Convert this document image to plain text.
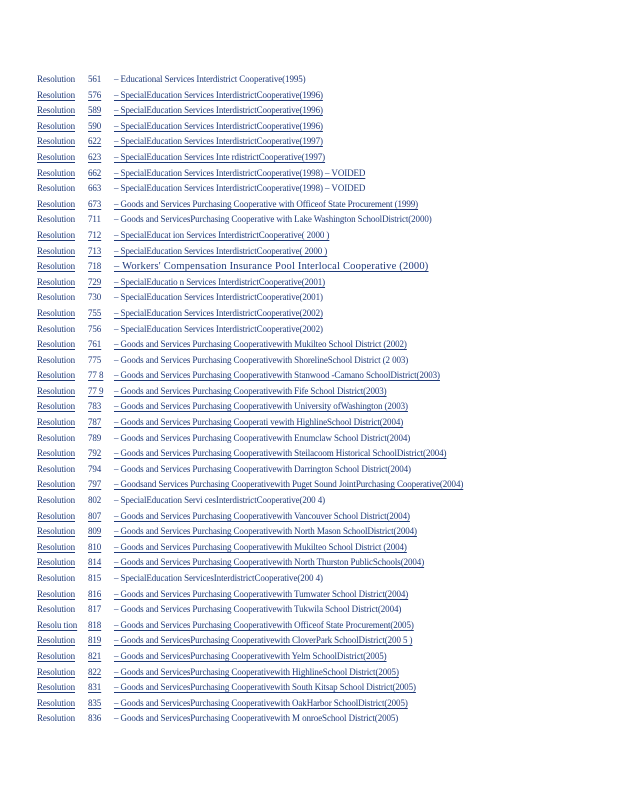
Resolution 561 – Educational Services Interdistrict Cooperative(1995)
Resolution 576 – SpecialEducation Services InterdistrictCooperative(1996)
Resolution 589 – SpecialEducation Services InterdistrictCooperative(1996)
Resolution 590 – SpecialEducation Services InterdistrictCooperative(1996)
Resolution 622 – SpecialEducation Services InterdistrictCooperative(1997)
Resolution 623 – SpecialEducation Services Inte rdistrictCooperative(1997)
Resolution 662 – SpecialEducation Services InterdistrictCooperative(1998) – VOIDED
Resolution 663 – SpecialEducation Services InterdistrictCooperative(1998) – VOIDED
Resolution 673 – Goods and Services Purchasing Cooperative with Officeof State Procurement (1999)
Resolution 711 – Goods and ServicesPurchasing Cooperative with Lake Washington SchoolDistrict(2000)
Resolution 712 – SpecialEducat ion Services InterdistrictCooperative( 2000 )
Resolution 713 – SpecialEducation Services InterdistrictCooperative( 2000 )
Resolution 718 – Workers' Compensation Insurance Pool Interlocal Cooperative (2000)
Resolution 729 – SpecialEducatio n Services InterdistrictCooperative(2001)
Resolution 730 – SpecialEducation Services InterdistrictCooperative(2001)
Resolution 755 – SpecialEducation Services InterdistrictCooperative(2002)
Resolution 756 – SpecialEducation Services InterdistrictCooperative(2002)
Resolution 761 – Goods and Services Purchasing Cooperativewith Mukilteo School District (2002)
Resolution 775 – Goods and Services Purchasing Cooperativewith ShorelineSchool District (2 003)
Resolution 77 8 – Goods and Services Purchasing Cooperativewith Stanwood -Camano SchoolDistrict(2003)
Resolution 77 9 – Goods and Services Purchasing Cooperativewith Fife School District(2003)
Resolution 783 – Goods and Services Purchasing Cooperativewith University ofWashington (2003)
Resolution 787 – Goods and Services Purchasing Cooperati vewith HighlineSchool District(2004)
Resolution 789 – Goods and Services Purchasing Cooperativewith Enumclaw School District(2004)
Resolution 792 – Goods and Services Purchasing Cooperativewith Steilacoom Historical SchoolDistrict(2004)
Resolution 794 – Goods and Services Purchasing Cooperativewith Darrington School District(2004)
Resolution 797 – Goodsand Services Purchasing Cooperativewith Puget Sound JointPurchasing Cooperative(2004)
Resolution 802 – SpecialEducation Servi cesInterdistrictCooperative(200 4)
Resolution 807 – Goods and Services Purchasing Cooperativewith Vancouver School District(2004)
Resolution 809 – Goods and Services Purchasing Cooperativewith North Mason SchoolDistrict(2004)
Resolution 810 – Goods and Services Purchasing Cooperativewith Mukilteo School District (2004)
Resolution 814 – Goods and Services Purchasing Cooperativewith North Thurston PublicSchools(2004)
Resolution 815 – SpecialEducation ServicesInterdistrictCooperative(200 4)
Resolution 816 – Goods and Services Purchasing Cooperativewith Tumwater School District(2004)
Resolution 817 – Goods and Services Purchasing Cooperativewith Tukwila School District(2004)
Resolu tion 818 – Goods and Services Purchasing Cooperativewith Officeof State Procurement(2005)
Resolution 819 – Goods and ServicesPurchasing Cooperativewith CloverPark SchoolDistrict(200 5 )
Resolution 821 – Goods and ServicesPurchasing Cooperativewith Yelm SchoolDistrict(2005)
Resolution 822 – Goods and ServicesPurchasing Cooperativewith HighlineSchool District(2005)
Resolution 831 – Goods and ServicesPurchasing Cooperativewith South Kitsap School District(2005)
Resolution 835 – Goods and ServicesPurchasing Cooperativewith OakHarbor SchoolDistrict(2005)
Resolution 836 – Goods and ServicesPurchasing Cooperativewith M onroeSchool District(2005)
